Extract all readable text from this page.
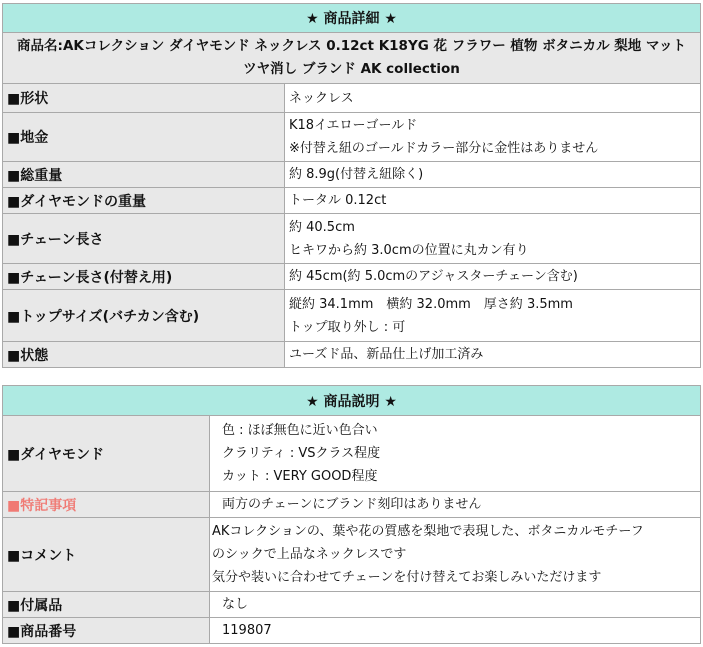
★ 商品詳細 ★	
商品名:AKコレクション ダイヤモンド ネックレス 0.12ct K18YG 花 フラワー 植物 ボタニカル 梨地 マット ツヤ消し ブランド AK collection	
■形状	ネックレス

■地金	K18イエローゴールド
※付替え紐のゴールドカラー部分に金性はありません

■総重量	約 8.9g(付替え紐除く)

■ダイヤモンドの重量	トータル 0.12ct

■チェーン長さ	約 40.5cm
ヒキワから約 3.0cmの位置に丸カン有り

■チェーン長さ(付替え用)	約 45cm(約 5.0cmのアジャスターチェーン含む)

■トップサイズ(バチカン含む)	縦約 34.1mm　横約 32.0mm　厚さ約 3.5mm
トップ取り外し : 可

■状態	ユーズド品、新品仕上げ加工済み
★ 商品説明 ★	
■ダイヤモンド	色 : ほぼ無色に近い色合い
クラリティ : VSクラス程度
カット : VERY GOOD程度

■特記事項	両方のチェーンにブランド刻印はありません

■コメント	AKコレクションの、葉や花の質感を梨地で表現した、ボタニカルモチーフ
のシックで上品なネックレスです
気分や装いに合わせてチェーンを付け替えてお楽しみいただけます

■付属品	なし

■商品番号	119807
